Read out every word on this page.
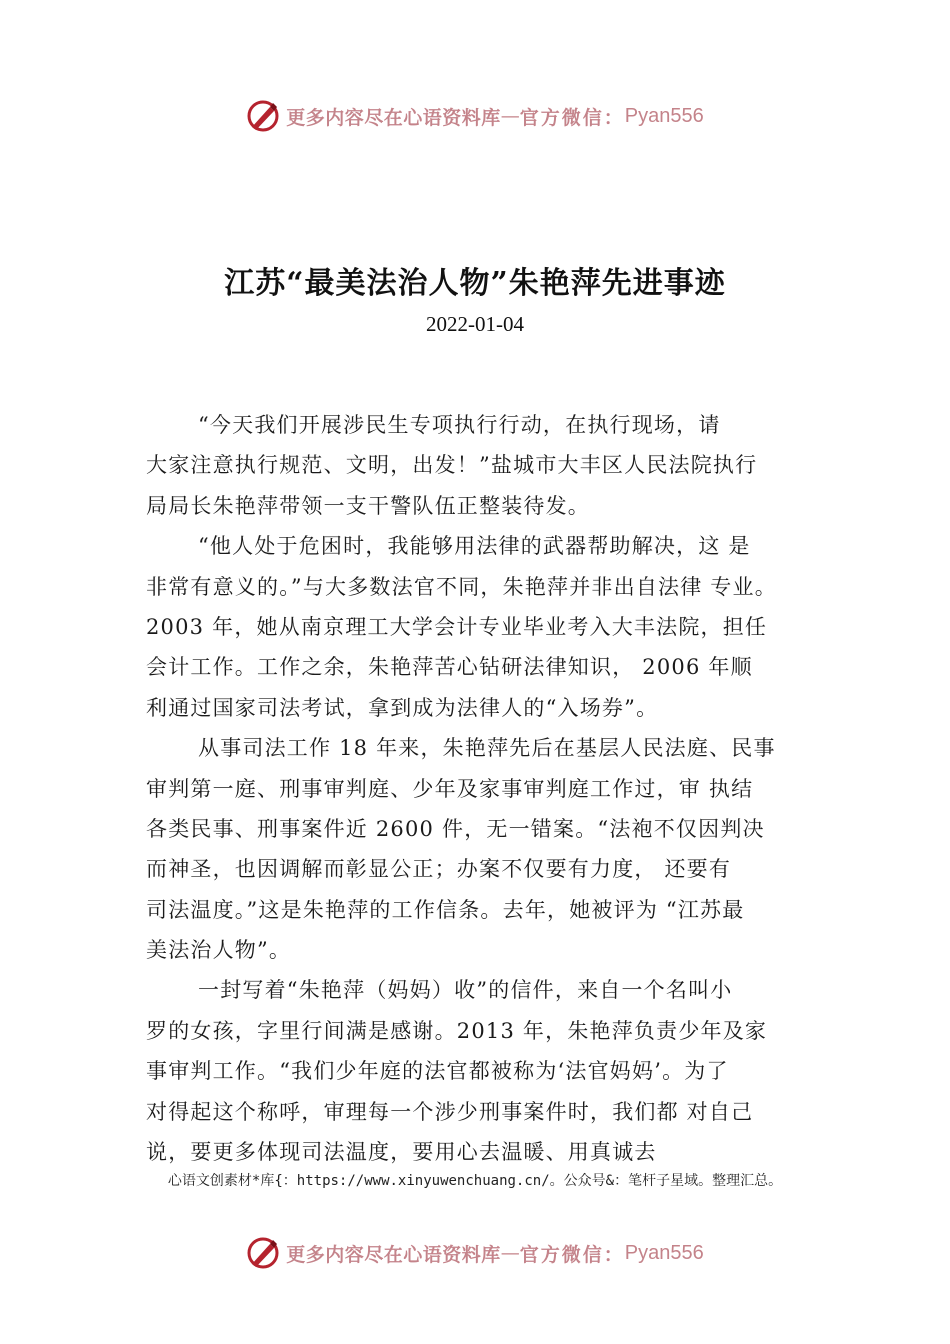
更多内容尽在心语资料库 — 官方微信： Pyan556
江苏“最美法治人物”朱艳萍先进事迹
2022-01-04
“今天我们开展涉民生专项执行行动，在执行现场，请
大家注意执行规范、文明，出发！”盐城市大丰区人民法院执行
局局长朱艳萍带领一支干警队伍正整装待发。
“他人处于危困时，我能够用法律的武器帮助解决，这 是
非常有意义的。”与大多数法官不同，朱艳萍并非出自法律 专业。
2003 年，她从南京理工大学会计专业毕业考入大丰法院，担任
会计工作。工作之余，朱艳萍苦心钻研法律知识， 2006 年顺
利通过国家司法考试，拿到成为法律人的“入场券”。
从事司法工作 18 年来，朱艳萍先后在基层人民法庭、民事
审判第一庭、刑事审判庭、少年及家事审判庭工作过，审 执结
各类民事、刑事案件近 2600 件，无一错案。“法袍不仅因判决
而神圣，也因调解而彰显公正；办案不仅要有力度， 还要有
司法温度。”这是朱艳萍的工作信条。去年，她被评为 “江苏最
美法治人物”。
一封写着“朱艳萍（妈妈）收”的信件，来自一个名叫小
罗的女孩，字里行间满是感谢。2013 年，朱艳萍负责少年及家
事审判工作。“我们少年庭的法官都被称为‘法官妈妈’。为了
对得起这个称呼，审理每一个涉少刑事案件时，我们都 对自己
说，要更多体现司法温度，要用心去温暖、用真诚去
心语文创素材*库{：https://www.xinyuwenchuang.cn/。公众号&：笔杆子星域。整理汇总。
更多内容尽在心语资料库 — 官方微信： Pyan556
